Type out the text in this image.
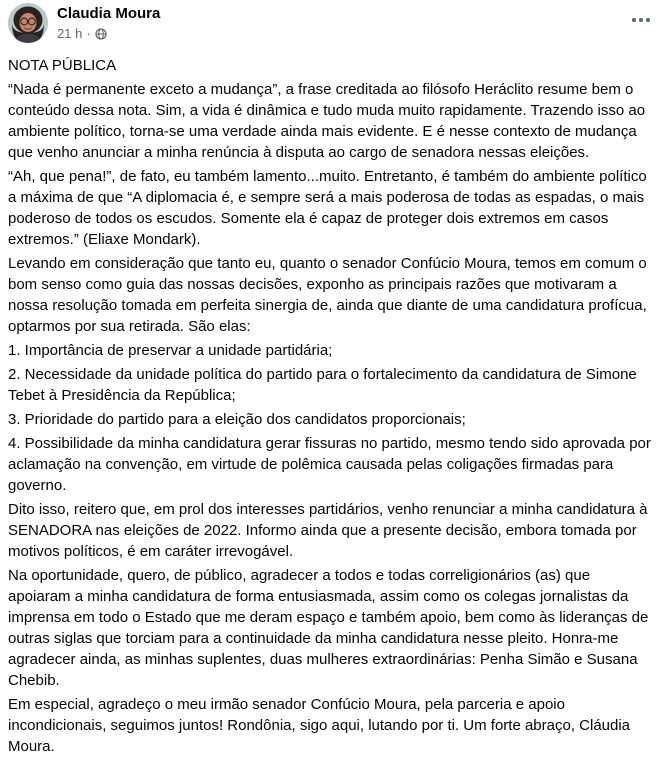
Claudia Moura
21 h ·

NOTA PÚBLICA

“Nada é permanente exceto a mudança”, a frase creditada ao filósofo Heráclito resume bem o conteúdo dessa nota. Sim, a vida é dinâmica e tudo muda muito rapidamente. Trazendo isso ao ambiente político, torna-se uma verdade ainda mais evidente. E é nesse contexto de mudança que venho anunciar a minha renúncia à disputa ao cargo de senadora nessas eleições.

“Ah, que pena!”, de fato, eu também lamento...muito. Entretanto, é também do ambiente político a máxima de que “A diplomacia é, e sempre será a mais poderosa de todas as espadas, o mais poderoso de todos os escudos. Somente ela é capaz de proteger dois extremos em casos extremos.” (Eliaxe Mondark).

Levando em consideração que tanto eu, quanto o senador Confúcio Moura, temos em comum o bom senso como guia das nossas decisões, exponho as principais razões que motivaram a nossa resolução tomada em perfeita sinergia de, ainda que diante de uma candidatura profícua, optarmos por sua retirada. São elas:

1. Importância de preservar a unidade partidária;

2. Necessidade da unidade política do partido para o fortalecimento da candidatura de Simone Tebet à Presidência da República;

3. Prioridade do partido para a eleição dos candidatos proporcionais;

4. Possibilidade da minha candidatura gerar fissuras no partido, mesmo tendo sido aprovada por aclamação na convenção, em virtude de polêmica causada pelas coligações firmadas para governo.

Dito isso, reitero que, em prol dos interesses partidários, venho renunciar a minha candidatura à SENADORA nas eleições de 2022. Informo ainda que a presente decisão, embora tomada por motivos políticos, é em caráter irrevogável.

Na oportunidade, quero, de público, agradecer a todos e todas correligionários (as) que apoiaram a minha candidatura de forma entusiasmada, assim como os colegas jornalistas da imprensa em todo o Estado que me deram espaço e também apoio, bem como às lideranças de outras siglas que torciam para a continuidade da minha candidatura nesse pleito. Honra-me agradecer ainda, as minhas suplentes, duas mulheres extraordinárias: Penha Simão e Susana Chebib.

Em especial, agradeço o meu irmão senador Confúcio Moura, pela parceria e apoio incondicionais, seguimos juntos! Rondônia, sigo aqui, lutando por ti. Um forte abraço, Cláudia Moura.
